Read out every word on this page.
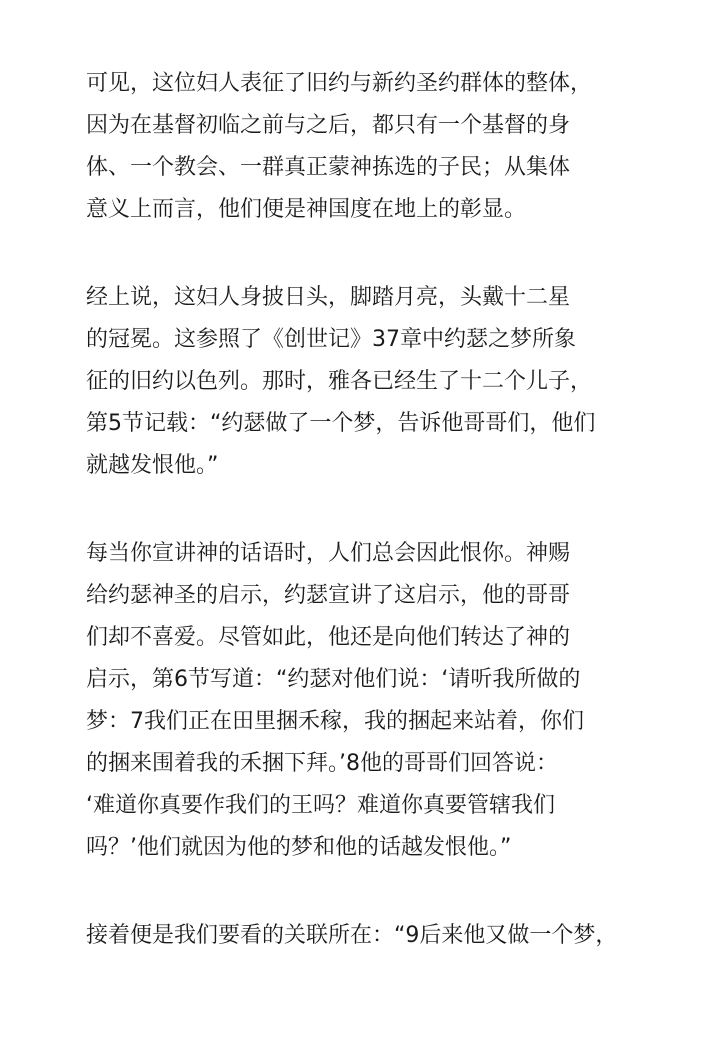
可见，这位妇人表征了旧约与新约圣约群体的整体，
因为在基督初临之前与之后，都只有一个基督的身
体、一个教会、一群真正蒙神拣选的子民；从集体
意义上而言，他们便是神国度在地上的彰显。
经上说，这妇人身披日头，脚踏月亮，头戴十二星
的冠冕。这参照了《创世记》37章中约瑟之梦所象
征的旧约以色列。那时，雅各已经生了十二个儿子，
第5节记载：“约瑟做了一个梦，告诉他哥哥们，他们
就越发恨他。”
每当你宣讲神的话语时，人们总会因此恨你。神赐
给约瑟神圣的启示，约瑟宣讲了这启示，他的哥哥
们却不喜爱。尽管如此，他还是向他们转达了神的
启示，第6节写道：“约瑟对他们说：‘请听我所做的
梦：7我们正在田里捆禾稼，我的捆起来站着，你们
的捆来围着我的禾捆下拜。’8他的哥哥们回答说：
‘难道你真要作我们的王吗？难道你真要管辖我们
吗？’他们就因为他的梦和他的话越发恨他。”
接着便是我们要看的关联所在：“9后来他又做一个梦，
